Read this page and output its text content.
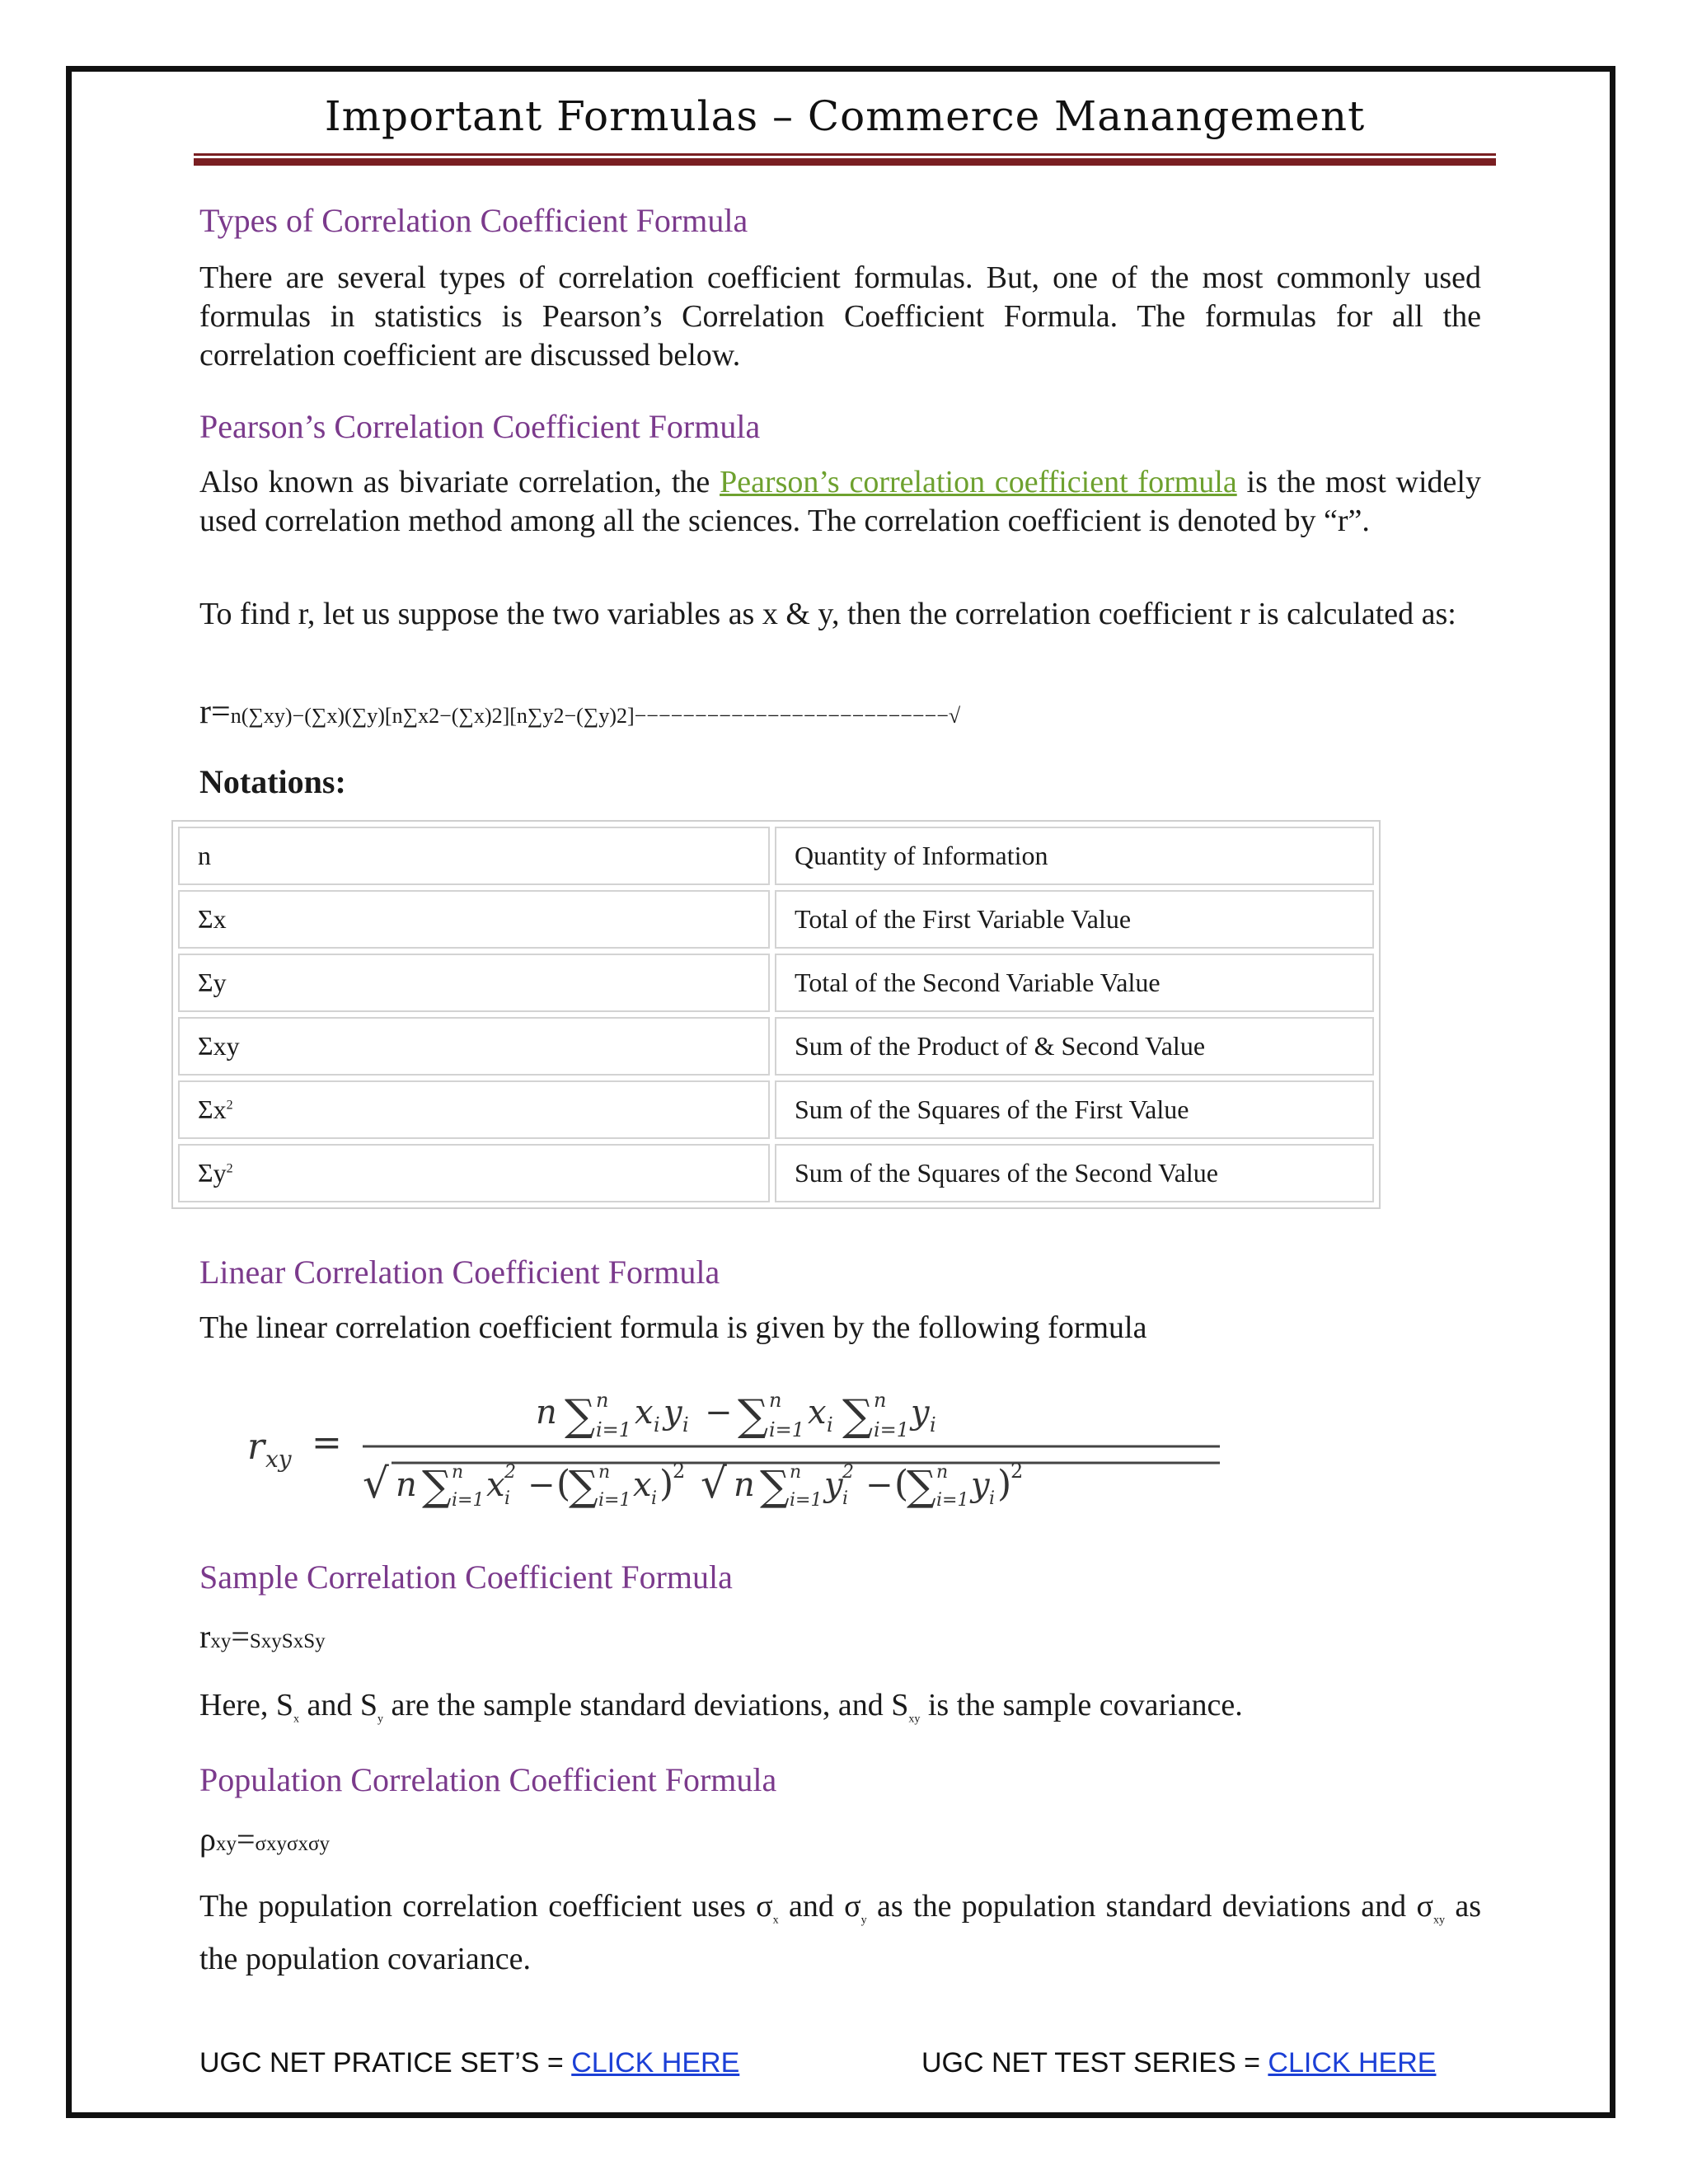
Important Formulas – Commerce Manangement
Types of Correlation Coefficient Formula
There are several types of correlation coefficient formulas. But, one of the most commonly used formulas in statistics is Pearson’s Correlation Coefficient Formula. The formulas for all the correlation coefficient are discussed below.
Pearson’s Correlation Coefficient Formula
Also known as bivariate correlation, the Pearson’s correlation coefficient formula is the most widely used correlation method among all the sciences. The correlation coefficient is denoted by “r”.
To find r, let us suppose the two variables as x & y, then the correlation coefficient r is calculated as:
r=n(∑xy)−(∑x)(∑y)[n∑x2−(∑x)2][n∑y2−(∑y)2]−−−−−−−−−−−−−−−−−−−−−−−−−−√
Notations:
n	Quantity of Information
Σx	Total of the First Variable Value
Σy	Total of the Second Variable Value
Σxy	Sum of the Product of & Second Value
$\Sigma x^2$	Sum of the Squares of the First Value
$\Sigma y^2$	Sum of the Squares of the Second Value
Linear Correlation Coefficient Formula
The linear correlation coefficient formula is given by the following formula
r xy =
n ∑ n
i=1 x i y i − ∑ n
i=1 x i ∑ n
i=1 y i
√ n ∑ n
i=1 x 2
i − (
∑ n
i=1 x i )
2 √ n ∑ n
i=1 y 2
i − (
∑ n
i=1 y i )
2
Sample Correlation Coefficient Formula
rxy=SxySxSy
Here, $S_x$ and $S_y$ are the sample standard deviations, and $S_{xy}$ is the sample covariance.
Population Correlation Coefficient Formula
ρxy=σxyσxσy
The population correlation coefficient uses $\sigma_x$ and $\sigma_y$ as the population standard deviations and $\sigma_{xy}$ as the population covariance.
UGC NET PRATICE SET’S = CLICK HERE	UGC NET TEST SERIES = CLICK HERE
